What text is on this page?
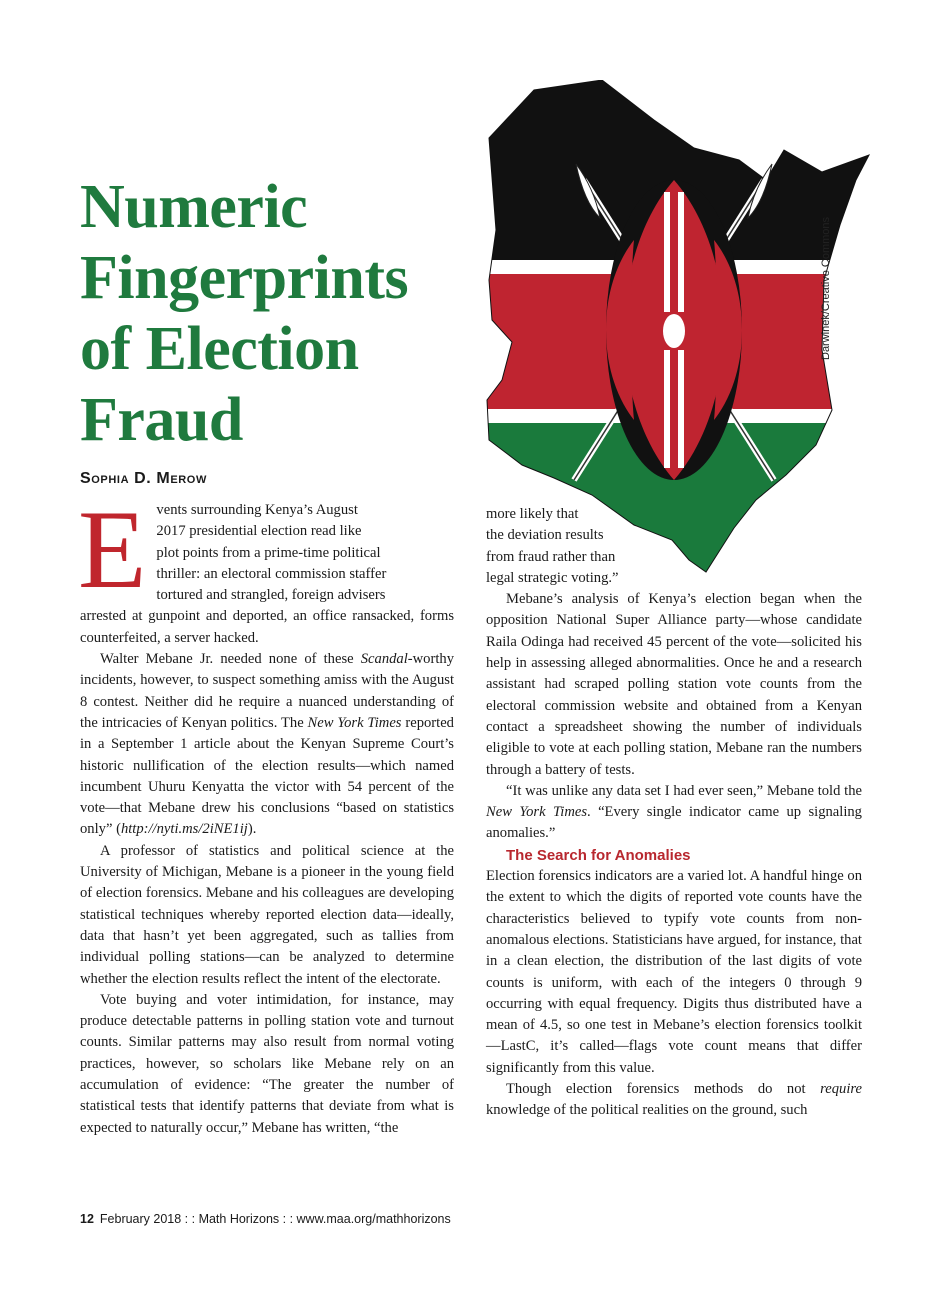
Numeric
Fingerprints
of Election
Fraud
Sophia D. Merow
Darwinek/Creative Commons

E vents surrounding Kenya’s August
2017 presidential election read like
plot points from a prime-time political
thriller: an electoral commission staffer
tortured and strangled, foreign advisers
arrested at gunpoint and deported, an office ransacked, forms counterfeited, a server hacked.

Walter Mebane Jr. needed none of these Scandal-worthy incidents, however, to suspect something amiss with the August 8 contest. Neither did he require a nuanced understanding of the intricacies of Kenyan politics. The New York Times reported in a September 1 article about the Kenyan Supreme Court’s historic nullification of the election results—which named incumbent Uhuru Kenyatta the victor with 54 percent of the vote—that Mebane drew his conclusions “based on statistics only” (http://nyti.ms/2iNE1ij).

A professor of statistics and political science at the University of Michigan, Mebane is a pioneer in the young field of election forensics. Mebane and his colleagues are developing statistical techniques whereby reported election data—ideally, data that hasn’t yet been aggregated, such as tallies from individual polling stations—can be analyzed to determine whether the election results reflect the intent of the electorate.

Vote buying and voter intimidation, for instance, may produce detectable patterns in polling station vote and turnout counts. Similar patterns may also result from normal voting practices, however, so scholars like Mebane rely on an accumulation of evidence: “The greater the number of statistical tests that identify patterns that deviate from what is expected to naturally occur,” Mebane has written, “the

more likely that
the deviation results
from fraud rather than
legal strategic voting.”

Mebane’s analysis of Kenya’s election began when the opposition National Super Alliance party—whose candidate Raila Odinga had received 45 percent of the vote—solicited his help in assessing alleged abnormalities. Once he and a research assistant had scraped polling station vote counts from the electoral commission website and obtained from a Kenyan contact a spreadsheet showing the number of individuals eligible to vote at each polling station, Mebane ran the numbers through a battery of tests.

“It was unlike any data set I had ever seen,” Mebane told the New York Times. “Every single indicator came up signaling anomalies.”

The Search for Anomalies

Election forensics indicators are a varied lot. A handful hinge on the extent to which the digits of reported vote counts have the characteristics believed to typify vote counts from non-anomalous elections. Statisticians have argued, for instance, that in a clean election, the distribution of the last digits of vote counts is uniform, with each of the integers 0 through 9 occurring with equal frequency. Digits thus distributed have a mean of 4.5, so one test in Mebane’s election forensics toolkit—LastC, it’s called—flags vote count means that differ significantly from this value.

Though election forensics methods do not require knowledge of the political realities on the ground, such

12 February 2018 : : Math Horizons : : www.maa.org/mathhorizons
